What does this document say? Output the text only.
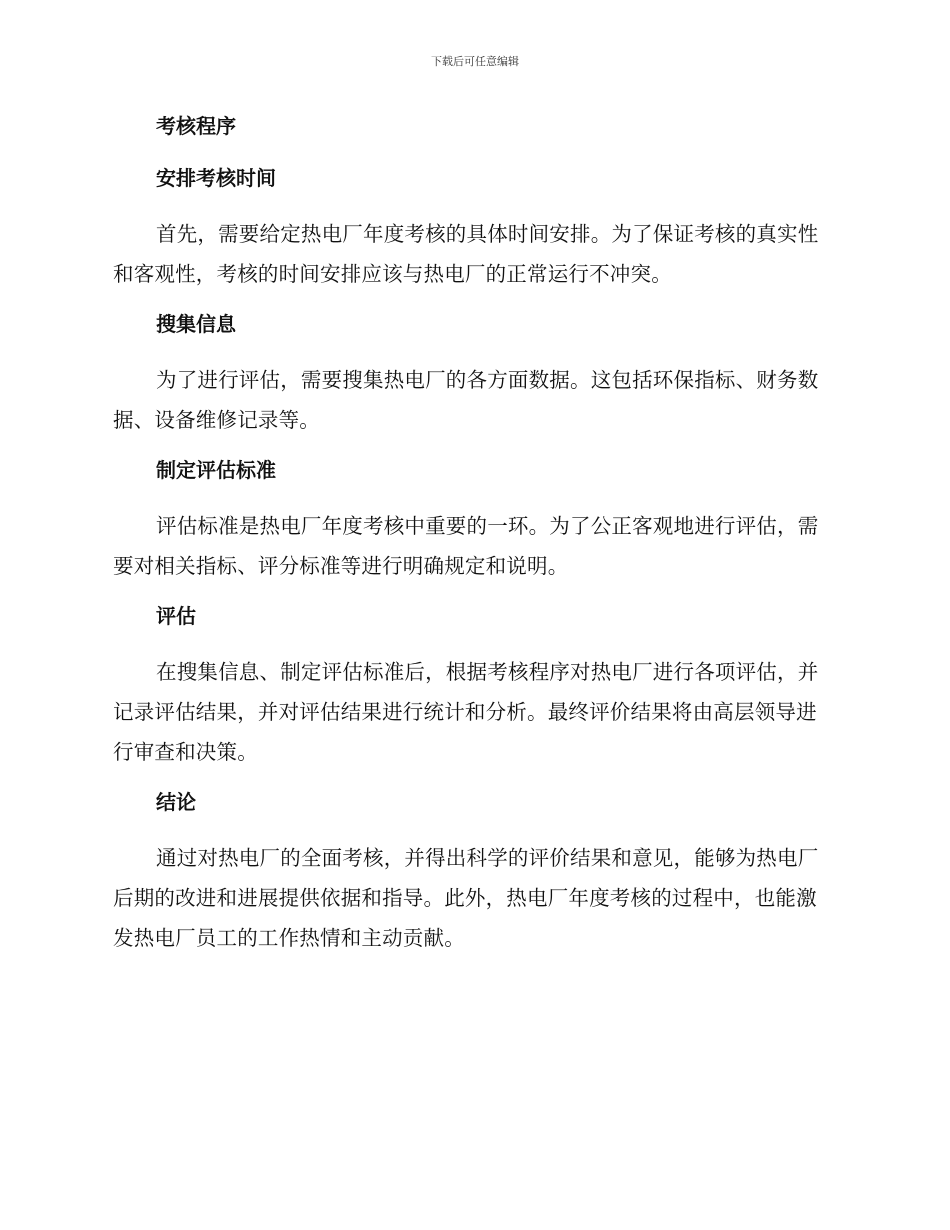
下载后可任意编辑
考核程序
安排考核时间

首先，需要给定热电厂年度考核的具体时间安排。为了保证考核的真实性和客观性，考核的时间安排应该与热电厂的正常运行不冲突。

搜集信息

为了进行评估，需要搜集热电厂的各方面数据。这包括环保指标、财务数据、设备维修记录等。

制定评估标准

评估标准是热电厂年度考核中重要的一环。为了公正客观地进行评估，需要对相关指标、评分标准等进行明确规定和说明。

评估

在搜集信息、制定评估标准后，根据考核程序对热电厂进行各项评估，并记录评估结果，并对评估结果进行统计和分析。最终评价结果将由高层领导进行审查和决策。

结论

通过对热电厂的全面考核，并得出科学的评价结果和意见，能够为热电厂后期的改进和进展提供依据和指导。此外，热电厂年度考核的过程中，也能激发热电厂员工的工作热情和主动贡献。
